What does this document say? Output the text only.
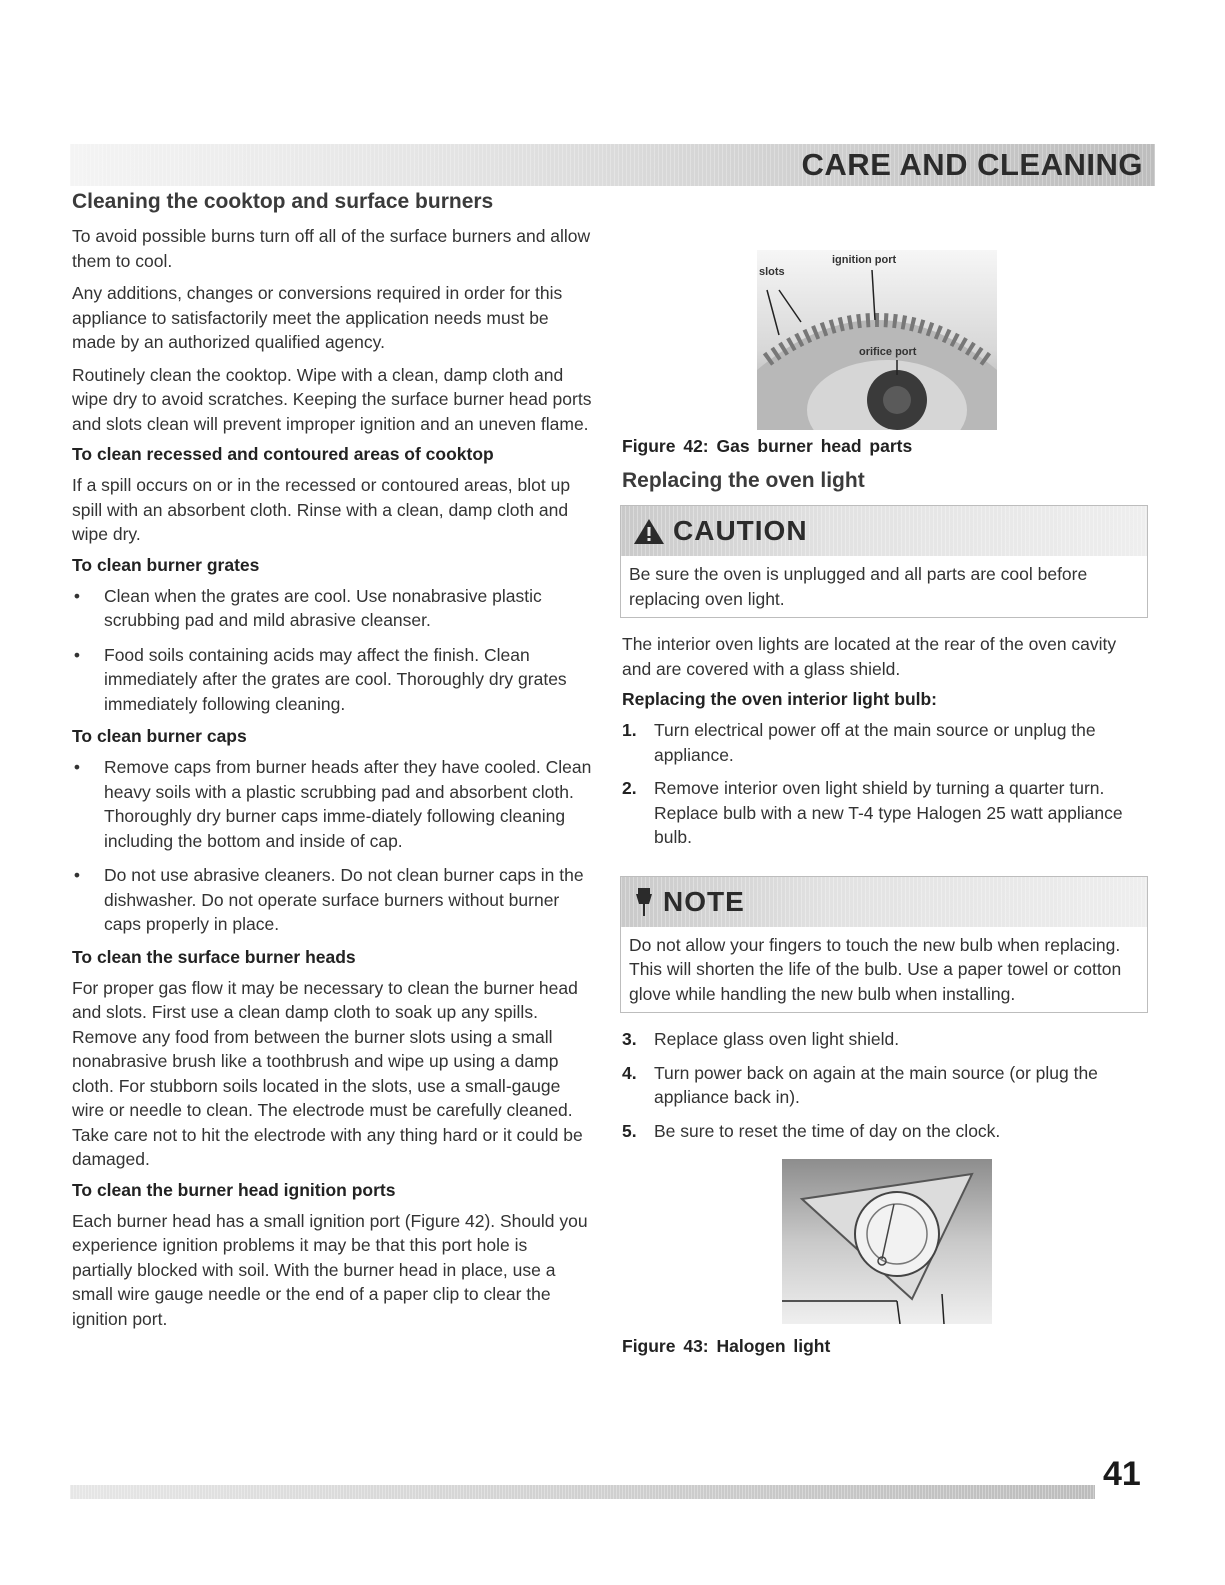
CARE AND CLEANING
Cleaning the cooktop and surface burners

To avoid possible burns turn off all of the surface burners and allow them to cool.

Any additions, changes or conversions required in order for this appliance to satisfactorily meet the application needs must be made by an authorized qualified agency.

Routinely clean the cooktop. Wipe with a clean, damp cloth and wipe dry to avoid scratches. Keeping the surface burner head ports and slots clean will prevent improper ignition and an uneven flame.

To clean recessed and contoured areas of cooktop

If a spill occurs on or in the recessed or contoured areas, blot up spill with an absorbent cloth. Rinse with a clean, damp cloth and wipe dry.

To clean burner grates
• Clean when the grates are cool. Use nonabrasive plastic scrubbing pad and mild abrasive cleanser.
• Food soils containing acids may affect the finish. Clean immediately after the grates are cool. Thoroughly dry grates immediately following cleaning.
To clean burner caps
• Remove caps from burner heads after they have cooled. Clean heavy soils with a plastic scrubbing pad and absorbent cloth. Thoroughly dry burner caps imme-diately following cleaning including the bottom and inside of cap.
• Do not use abrasive cleaners. Do not clean burner caps in the dishwasher. Do not operate surface burners without burner caps properly in place.
To clean the surface burner heads

For proper gas flow it may be necessary to clean the burner head and slots. First use a clean damp cloth to soak up any spills. Remove any food from between the burner slots using a small nonabrasive brush like a toothbrush and wipe up using a damp cloth. For stubborn soils located in the slots, use a small-gauge wire or needle to clean. The electrode must be carefully cleaned. Take care not to hit the electrode with any thing hard or it could be damaged.

To clean the burner head ignition ports

Each burner head has a small ignition port (Figure 42). Should you experience ignition problems it may be that this port hole is partially blocked with soil. With the burner head in place, use a small wire gauge needle or the end of a paper clip to clear the ignition port.

ignition port
slots
orifice port
Figure 42: Gas burner head parts
Replacing the oven light
CAUTION
Be sure the oven is unplugged and all parts are cool before replacing oven light.

The interior oven lights are located at the rear of the oven cavity and are covered with a glass shield.

Replacing the oven interior light bulb:
1. Turn electrical power off at the main source or unplug the appliance.
2. Remove interior oven light shield by turning a quarter turn. Replace bulb with a new T-4 type Halogen 25 watt appliance bulb.
NOTE
Do not allow your fingers to touch the new bulb when replacing. This will shorten the life of the bulb. Use a paper towel or cotton glove while handling the new bulb when installing.
3. Replace glass oven light shield.
4. Turn power back on again at the main source (or plug the appliance back in).
5. Be sure to reset the time of day on the clock.
Figure 43: Halogen light

41
